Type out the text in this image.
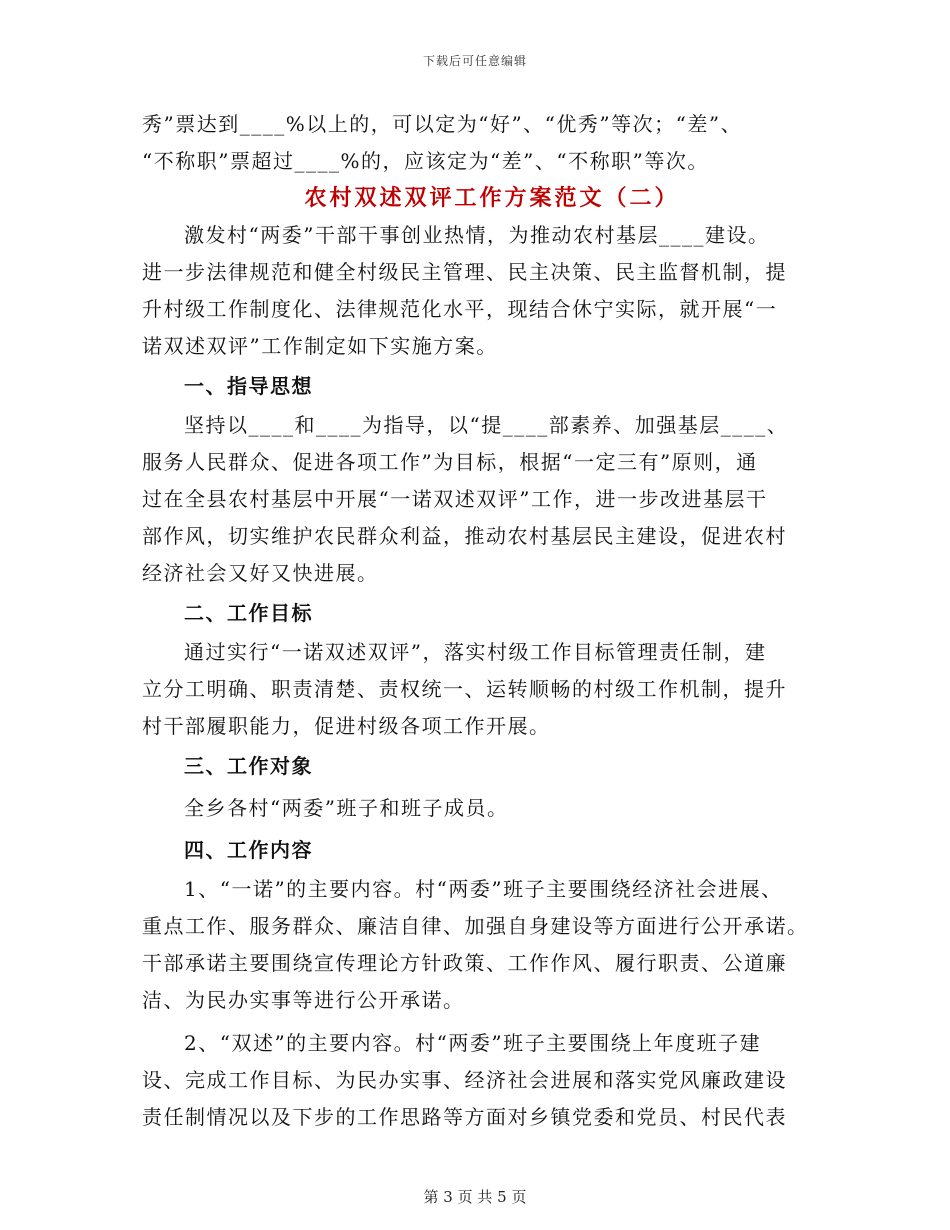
下载后可任意编辑
秀”票达到____%以上的，可以定为“好”、“优秀”等次；“差”、
“不称职”票超过____%的，应该定为“差”、“不称职”等次。
农村双述双评工作方案范文（二）
激发村“两委”干部干事创业热情，为推动农村基层____建设。
进一步法律规范和健全村级民主管理、民主决策、民主监督机制，提
升村级工作制度化、法律规范化水平，现结合休宁实际，就开展“一
诺双述双评”工作制定如下实施方案。
一、指导思想
坚持以____和____为指导，以“提____部素养、加强基层____、
服务人民群众、促进各项工作”为目标，根据“一定三有”原则，通
过在全县农村基层中开展“一诺双述双评”工作，进一步改进基层干
部作风，切实维护农民群众利益，推动农村基层民主建设，促进农村
经济社会又好又快进展。
二、工作目标
通过实行“一诺双述双评”，落实村级工作目标管理责任制，建
立分工明确、职责清楚、责权统一、运转顺畅的村级工作机制，提升
村干部履职能力，促进村级各项工作开展。
三、工作对象
全乡各村“两委”班子和班子成员。
四、工作内容
1、“一诺”的主要内容。村“两委”班子主要围绕经济社会进展、
重点工作、服务群众、廉洁自律、加强自身建设等方面进行公开承诺。
干部承诺主要围绕宣传理论方针政策、工作作风、履行职责、公道廉
洁、为民办实事等进行公开承诺。
2、“双述”的主要内容。村“两委”班子主要围绕上年度班子建
设、完成工作目标、为民办实事、经济社会进展和落实党风廉政建设
责任制情况以及下步的工作思路等方面对乡镇党委和党员、村民代表
第 3 页 共 5 页
